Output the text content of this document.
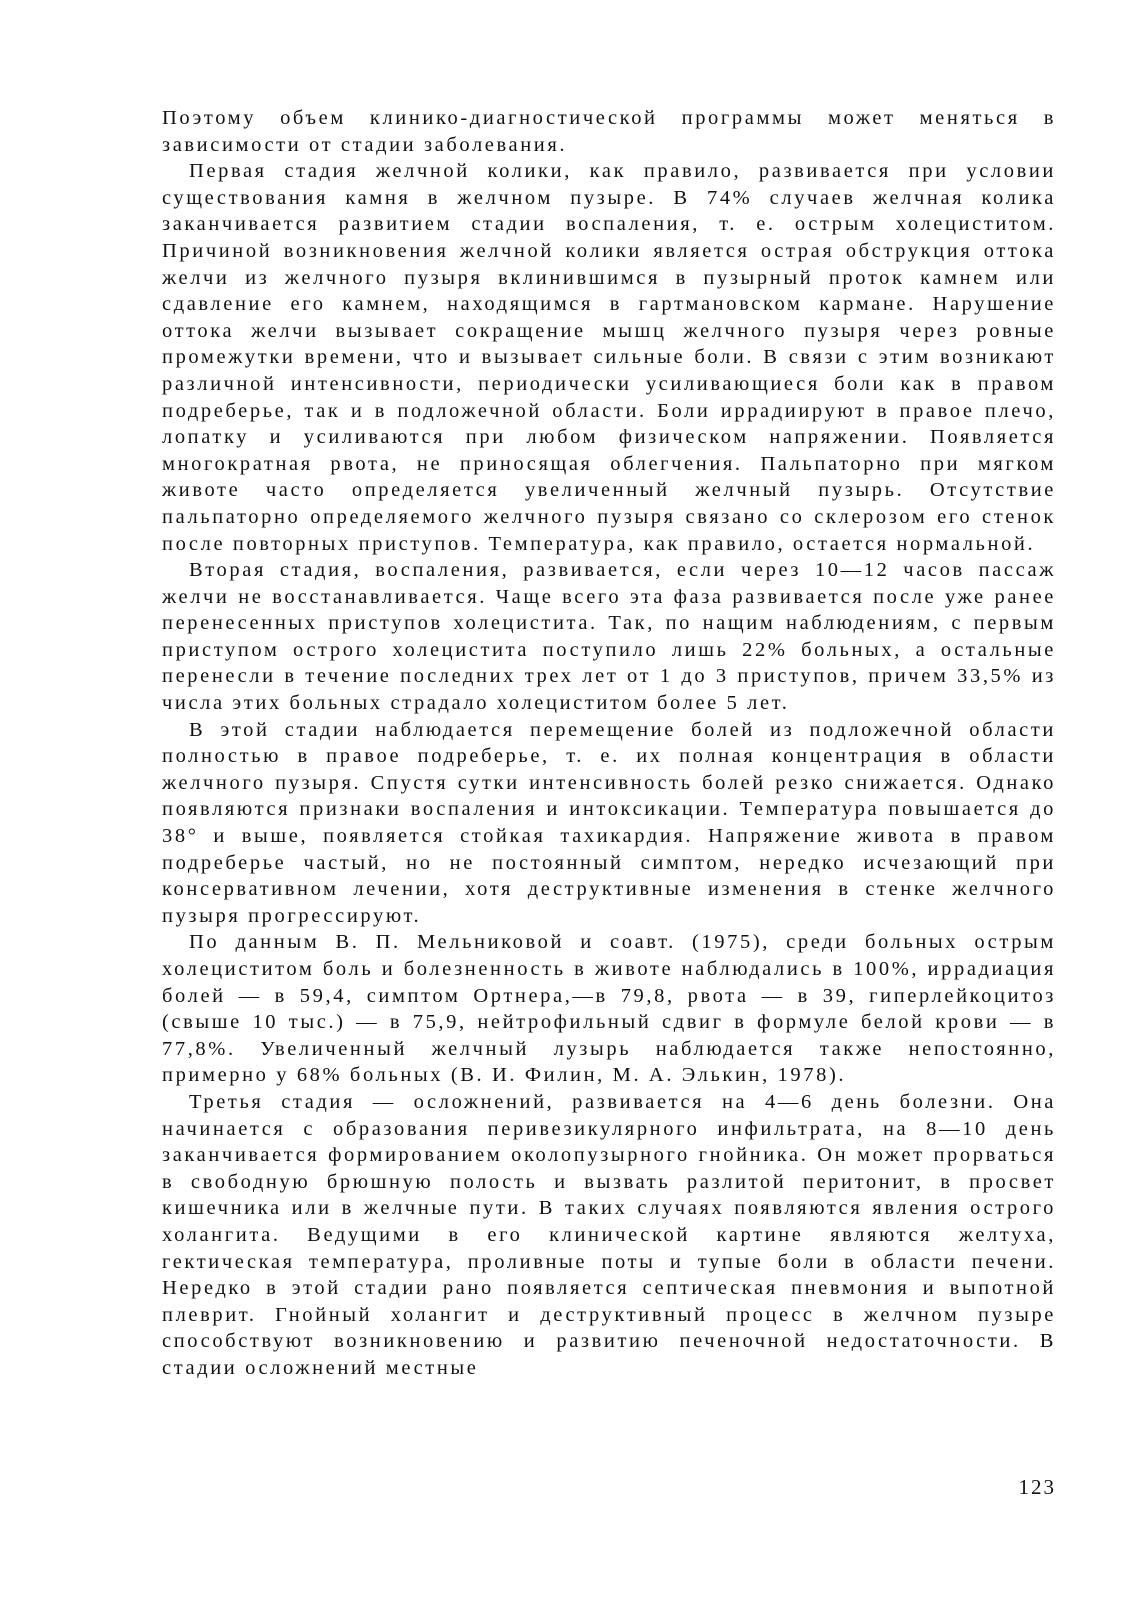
Поэтому объем клинико-диагностической программы может меняться в зависимости от стадии заболевания.

Первая стадия желчной колики, как правило, развивается при условии существования камня в желчном пузыре. В 74% случаев желчная колика заканчивается развитием стадии воспаления, т. е. острым холециститом. Причиной возникновения желчной колики является острая обструкция оттока желчи из желчного пузыря вклинившимся в пузырный проток камнем или сдавление его камнем, находящимся в гартмановском кармане. Нарушение оттока желчи вызывает сокращение мышц желчного пузыря через ровные промежутки времени, что и вызывает сильные боли. В связи с этим возникают различной интенсивности, периодически усиливающиеся боли как в правом подреберье, так и в подложечной области. Боли иррадиируют в правое плечо, лопатку и усиливаются при любом физическом напряжении. Появляется многократная рвота, не приносящая облегчения. Пальпаторно при мягком животе часто определяется увеличенный желчный пузырь. Отсутствие пальпаторно определяемого желчного пузыря связано со склерозом его стенок после повторных приступов. Температура, как правило, остается нормальной.

Вторая стадия, воспаления, развивается, если через 10—12 часов пассаж желчи не восстанавливается. Чаще всего эта фаза развивается после уже ранее перенесенных приступов холецистита. Так, по нащим наблюдениям, с первым приступом острого холецистита поступило лишь 22% больных, а остальные перенесли в течение последних трех лет от 1 до 3 приступов, причем 33,5% из числа этих больных страдало холециститом более 5 лет.

В этой стадии наблюдается перемещение болей из подложечной области полностью в правое подреберье, т. е. их полная концентрация в области желчного пузыря. Спустя сутки интенсивность болей резко снижается. Однако появляются признаки воспаления и интоксикации. Температура повышается до 38° и выше, появляется стойкая тахикардия. Напряжение живота в правом подреберье частый, но не постоянный симптом, нередко исчезающий при консервативном лечении, хотя деструктивные изменения в стенке желчного пузыря прогрессируют.

По данным В. П. Мельниковой и соавт. (1975), среди больных острым холециститом боль и болезненность в животе наблюдались в 100%, иррадиация болей — в 59,4, симптом Ортнера,—в 79,8, рвота — в 39, гиперлейкоцитоз (свыше 10 тыс.) — в 75,9, нейтрофильный сдвиг в формуле белой крови — в 77,8%. Увеличенный желчный лузырь наблюдается также непостоянно, примерно у 68% больных (В. И. Филин, М. А. Элькин, 1978).

Третья стадия — осложнений, развивается на 4—6 день болезни. Она начинается с образования перивезикулярного инфильтрата, на 8—10 день заканчивается формированием околопузырного гнойника. Он может прорваться в свободную брюшную полость и вызвать разлитой перитонит, в просвет кишечника или в желчные пути. В таких случаях появляются явления острого холангита. Ведущими в его клинической картине являются желтуха, гектическая температура, проливные поты и тупые боли в области печени. Нередко в этой стадии рано появляется септическая пневмония и выпотной плеврит. Гнойный холангит и деструктивный процесс в желчном пузыре способствуют возникновению и развитию печеночной недостаточности. В стадии осложнений местные

123
